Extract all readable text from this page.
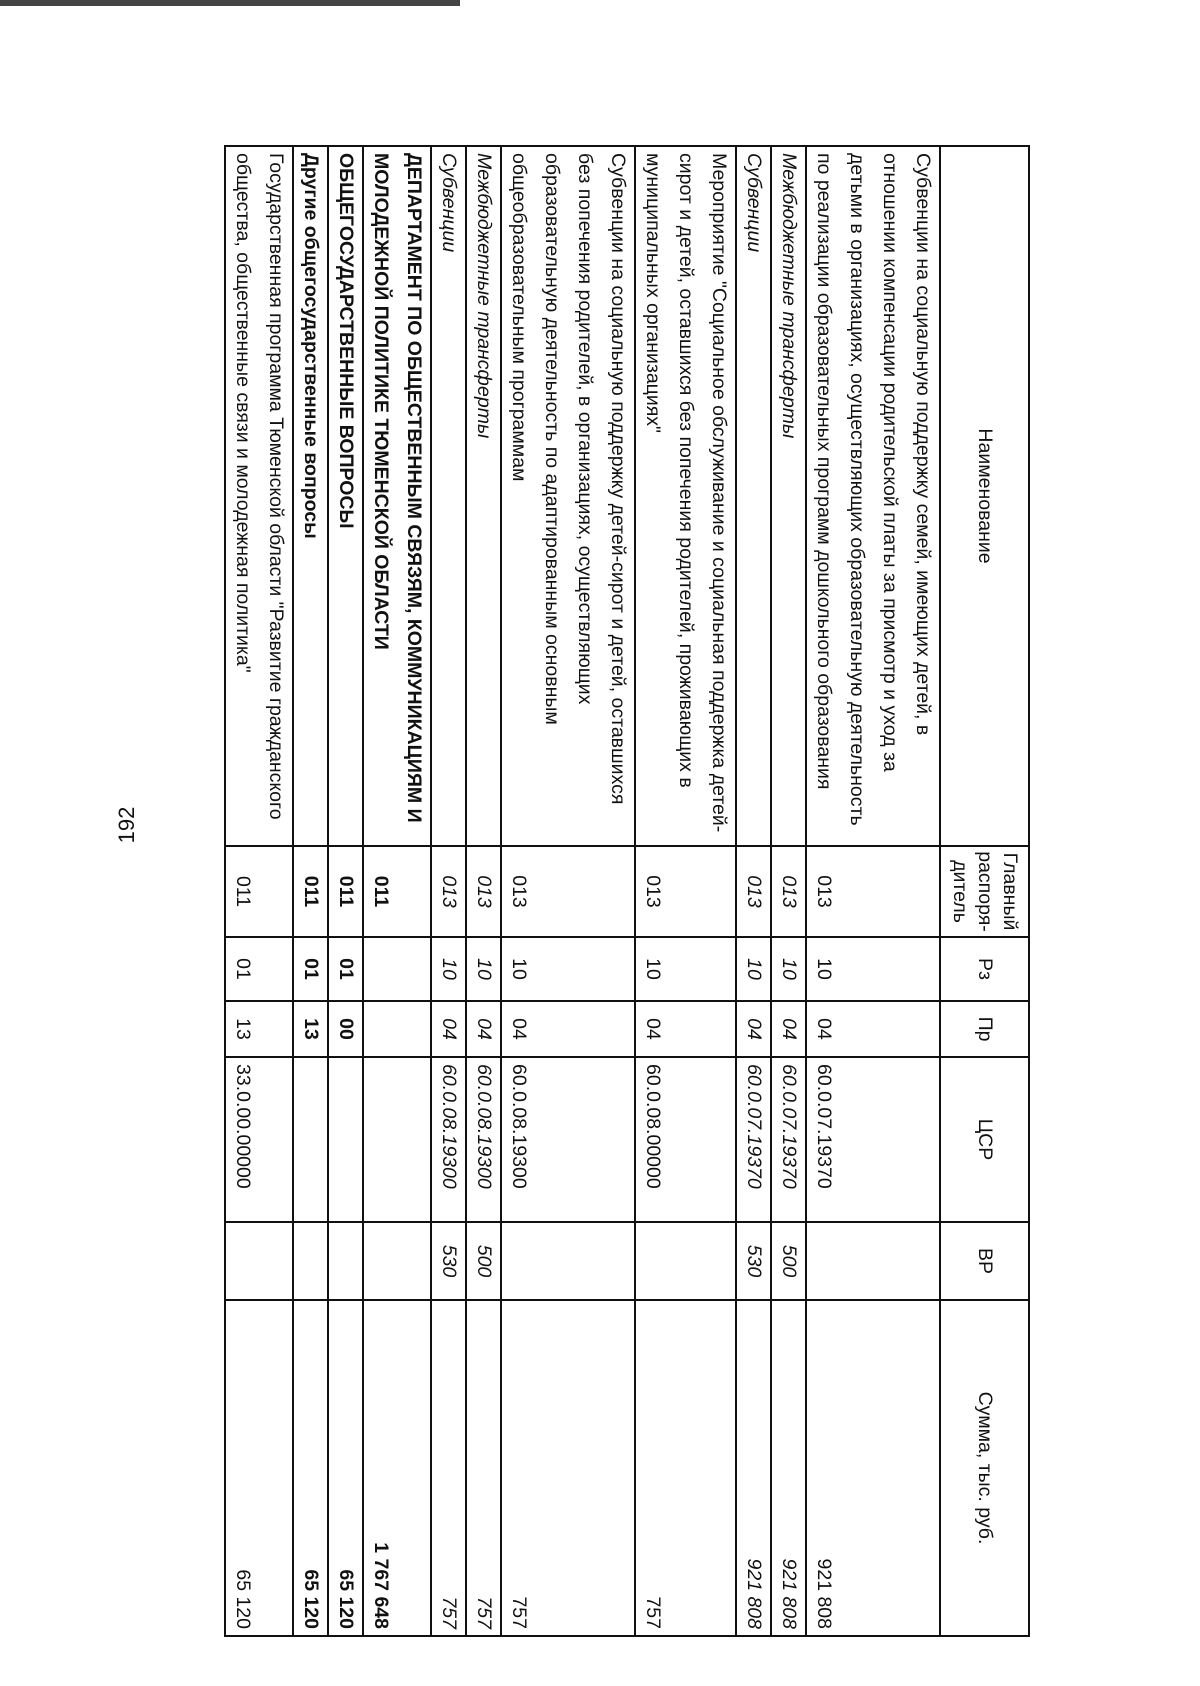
192
Наименование	Главный распоря-дитель	Рз	Пр	ЦСР	ВР	Сумма, тыс. руб.
Субвенции на социальную поддержку семей, имеющих детей, в отношении компенсации родительской платы за присмотр и уход за детьми в организациях, осуществляющих образовательную деятельность по реализации образовательных программ дошкольного образования	013	10	04	60.0.07.19370		921 808
Межбюджетные трансферты	013	10	04	60.0.07.19370	500	921 808
Субвенции	013	10	04	60.0.07.19370	530	921 808
Мероприятие "Социальное обслуживание и социальная поддержка детей-сирот и детей, оставшихся без попечения родителей, проживающих в муниципальных организациях"	013	10	04	60.0.08.00000		757
Субвенции на социальную поддержку детей-сирот и детей, оставшихся без попечения родителей, в организациях, осуществляющих образовательную деятельность по адаптированным основным общеобразовательным программам	013	10	04	60.0.08.19300		757
Межбюджетные трансферты	013	10	04	60.0.08.19300	500	757
Субвенции	013	10	04	60.0.08.19300	530	757
ДЕПАРТАМЕНТ ПО ОБЩЕСТВЕННЫМ СВЯЗЯМ, КОММУНИКАЦИЯМ И МОЛОДЕЖНОЙ ПОЛИТИКЕ ТЮМЕНСКОЙ ОБЛАСТИ	011					1 767 648
ОБЩЕГОСУДАРСТВЕННЫЕ ВОПРОСЫ	011	01	00			65 120
Другие общегосударственные вопросы	011	01	13			65 120
Государственная программа Тюменской области "Развитие гражданского общества, общественные связи и молодежная политика"	011	01	13	33.0.00.00000		65 120
